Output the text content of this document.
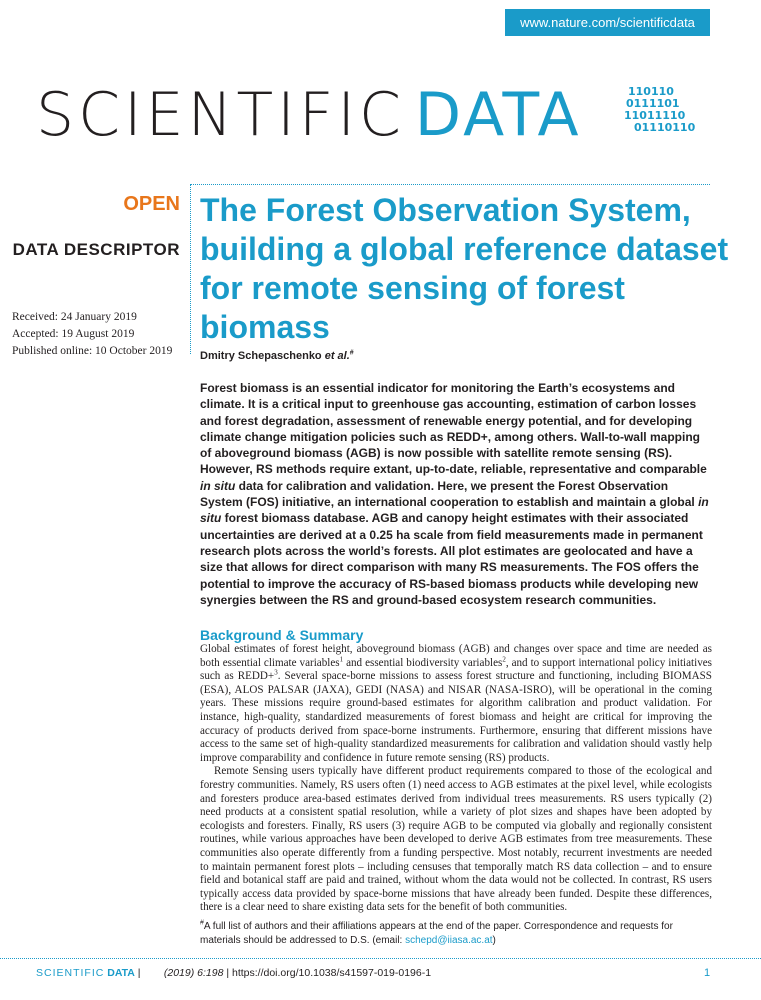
www.nature.com/scientificdata
SCIENTIFIC DATA	110110
0111101
11011110
01110110
OPEN
DATA DESCRIPTOR
Received: 24 January 2019
Accepted: 19 August 2019
Published online: 10 October 2019
The Forest Observation System, building a global reference dataset for remote sensing of forest biomass
Dmitry Schepaschenko et al.#

Forest biomass is an essential indicator for monitoring the Earth’s ecosystems and climate. It is a critical input to greenhouse gas accounting, estimation of carbon losses and forest degradation, assessment of renewable energy potential, and for developing climate change mitigation policies such as REDD+, among others. Wall-to-wall mapping of aboveground biomass (AGB) is now possible with satellite remote sensing (RS). However, RS methods require extant, up-to-date, reliable, representative and comparable in situ data for calibration and validation. Here, we present the Forest Observation System (FOS) initiative, an international cooperation to establish and maintain a global in situ forest biomass database. AGB and canopy height estimates with their associated uncertainties are derived at a 0.25 ha scale from field measurements made in permanent research plots across the world’s forests. All plot estimates are geolocated and have a size that allows for direct comparison with many RS measurements. The FOS offers the potential to improve the accuracy of RS-based biomass products while developing new synergies between the RS and ground-based ecosystem research communities.

Background & Summary

Global estimates of forest height, aboveground biomass (AGB) and changes over space and time are needed as both essential climate variables$^1$ and essential biodiversity variables$^2$, and to support international policy initiatives such as REDD+$^3$. Several space-borne missions to assess forest structure and functioning, including BIOMASS (ESA), ALOS PALSAR (JAXA), GEDI (NASA) and NISAR (NASA-ISRO), will be operational in the coming years. These missions require ground-based estimates for algorithm calibration and product validation. For instance, high-quality, standardized measurements of forest biomass and height are critical for improving the accuracy of products derived from space-borne instruments. Furthermore, ensuring that different missions have access to the same set of high-quality standardized measurements for calibration and validation should vastly help improve comparability and confidence in future remote sensing (RS) products.

Remote Sensing users typically have different product requirements compared to those of the ecological and forestry communities. Namely, RS users often (1) need access to AGB estimates at the pixel level, while ecologists and foresters produce area-based estimates derived from individual trees measurements. RS users typically (2) need products at a consistent spatial resolution, while a variety of plot sizes and shapes have been adopted by ecologists and foresters. Finally, RS users (3) require AGB to be computed via globally and regionally consistent routines, while various approaches have been developed to derive AGB estimates from tree measurements. These communities also operate differently from a funding perspective. Most notably, recurrent investments are needed to maintain permanent forest plots – including censuses that temporally match RS data collection – and to ensure field and botanical staff are paid and trained, without whom the data would not be collected. In contrast, RS users typically access data provided by space-borne missions that have already been funded. Despite these differences, there is a clear need to share existing data sets for the benefit of both communities.

#A full list of authors and their affiliations appears at the end of the paper. Correspondence and requests for materials should be addressed to D.S. (email: schepd@iiasa.ac.at)
SCIENTIFIC DATA | (2019) 6:198 | https://doi.org/10.1038/s41597-019-0196-1	1
